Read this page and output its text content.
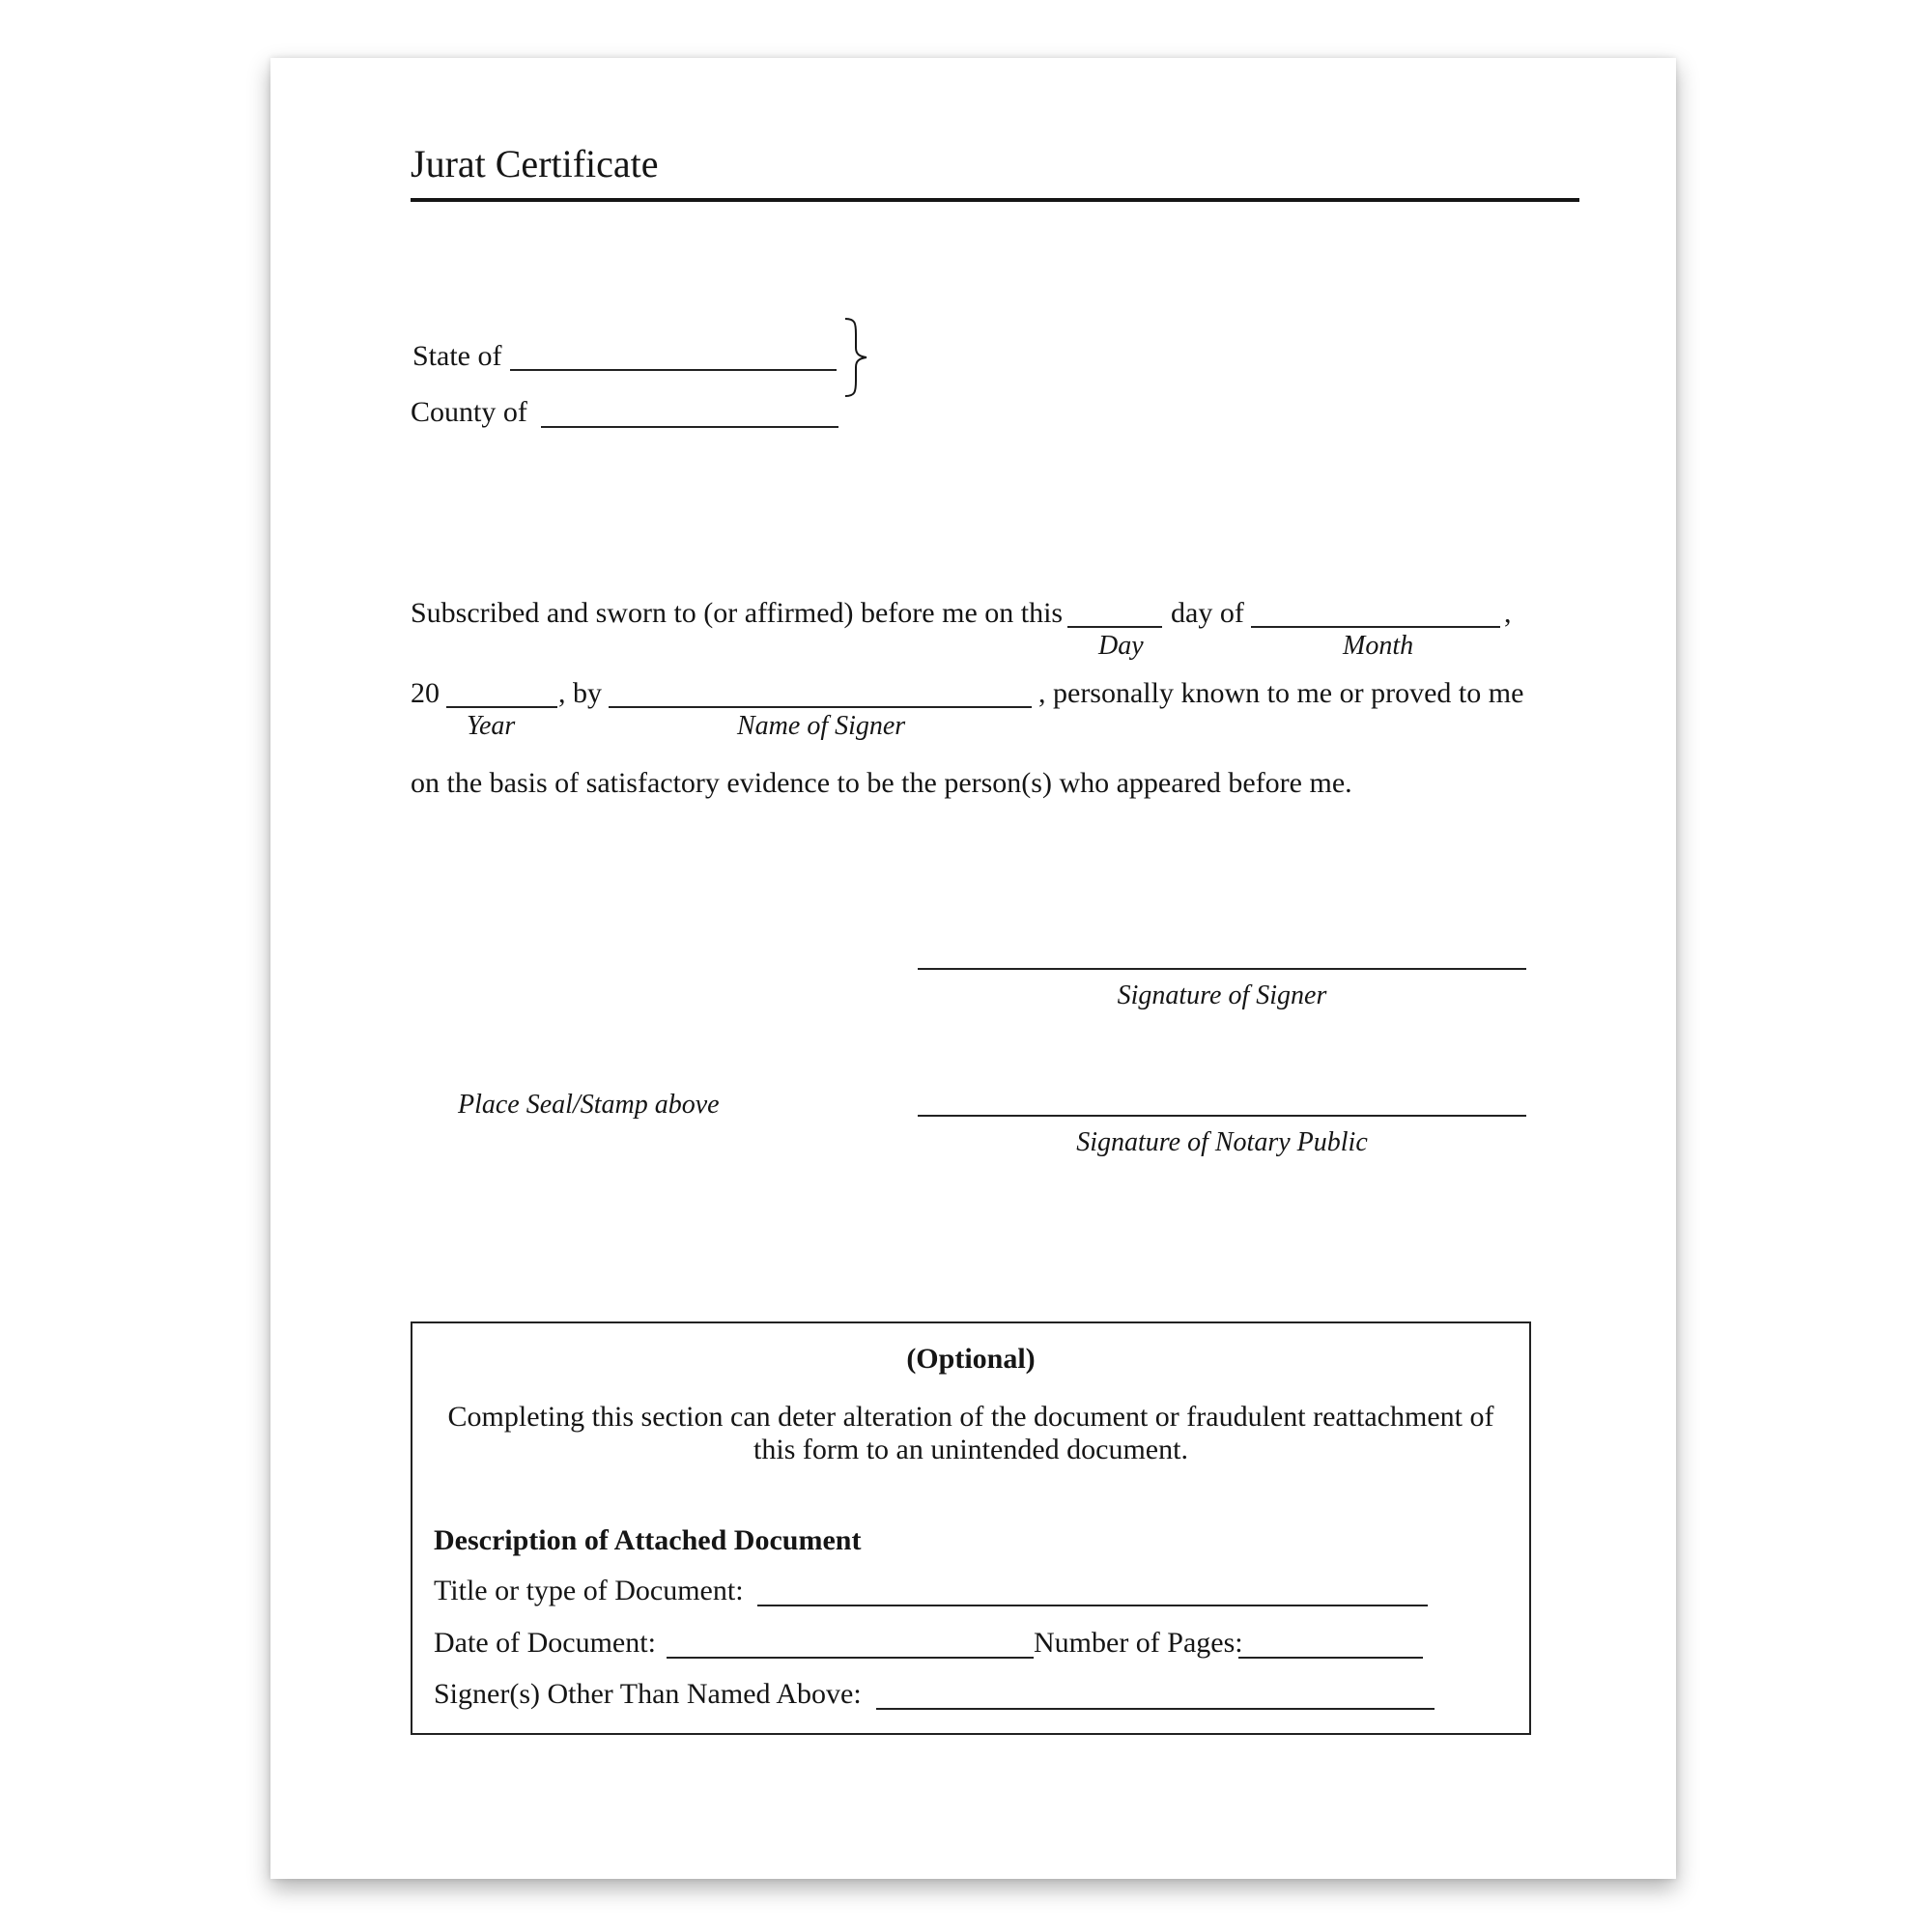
Jurat Certificate
State of
County of
Subscribed and sworn to (or affirmed) before me on this	day of	,
Day	Month
20	, by	, personally known to me or proved to me
Year	Name of Signer
on the basis of satisfactory evidence to be the person(s) who appeared before me.
Signature of Signer
Place Seal/Stamp above
Signature of Notary Public
(Optional)
Completing this section can deter alteration of the document or fraudulent reattachment of
this form to an unintended document.
Description of Attached Document
Title or type of Document:
Date of Document:	Number of Pages:
Signer(s) Other Than Named Above:
